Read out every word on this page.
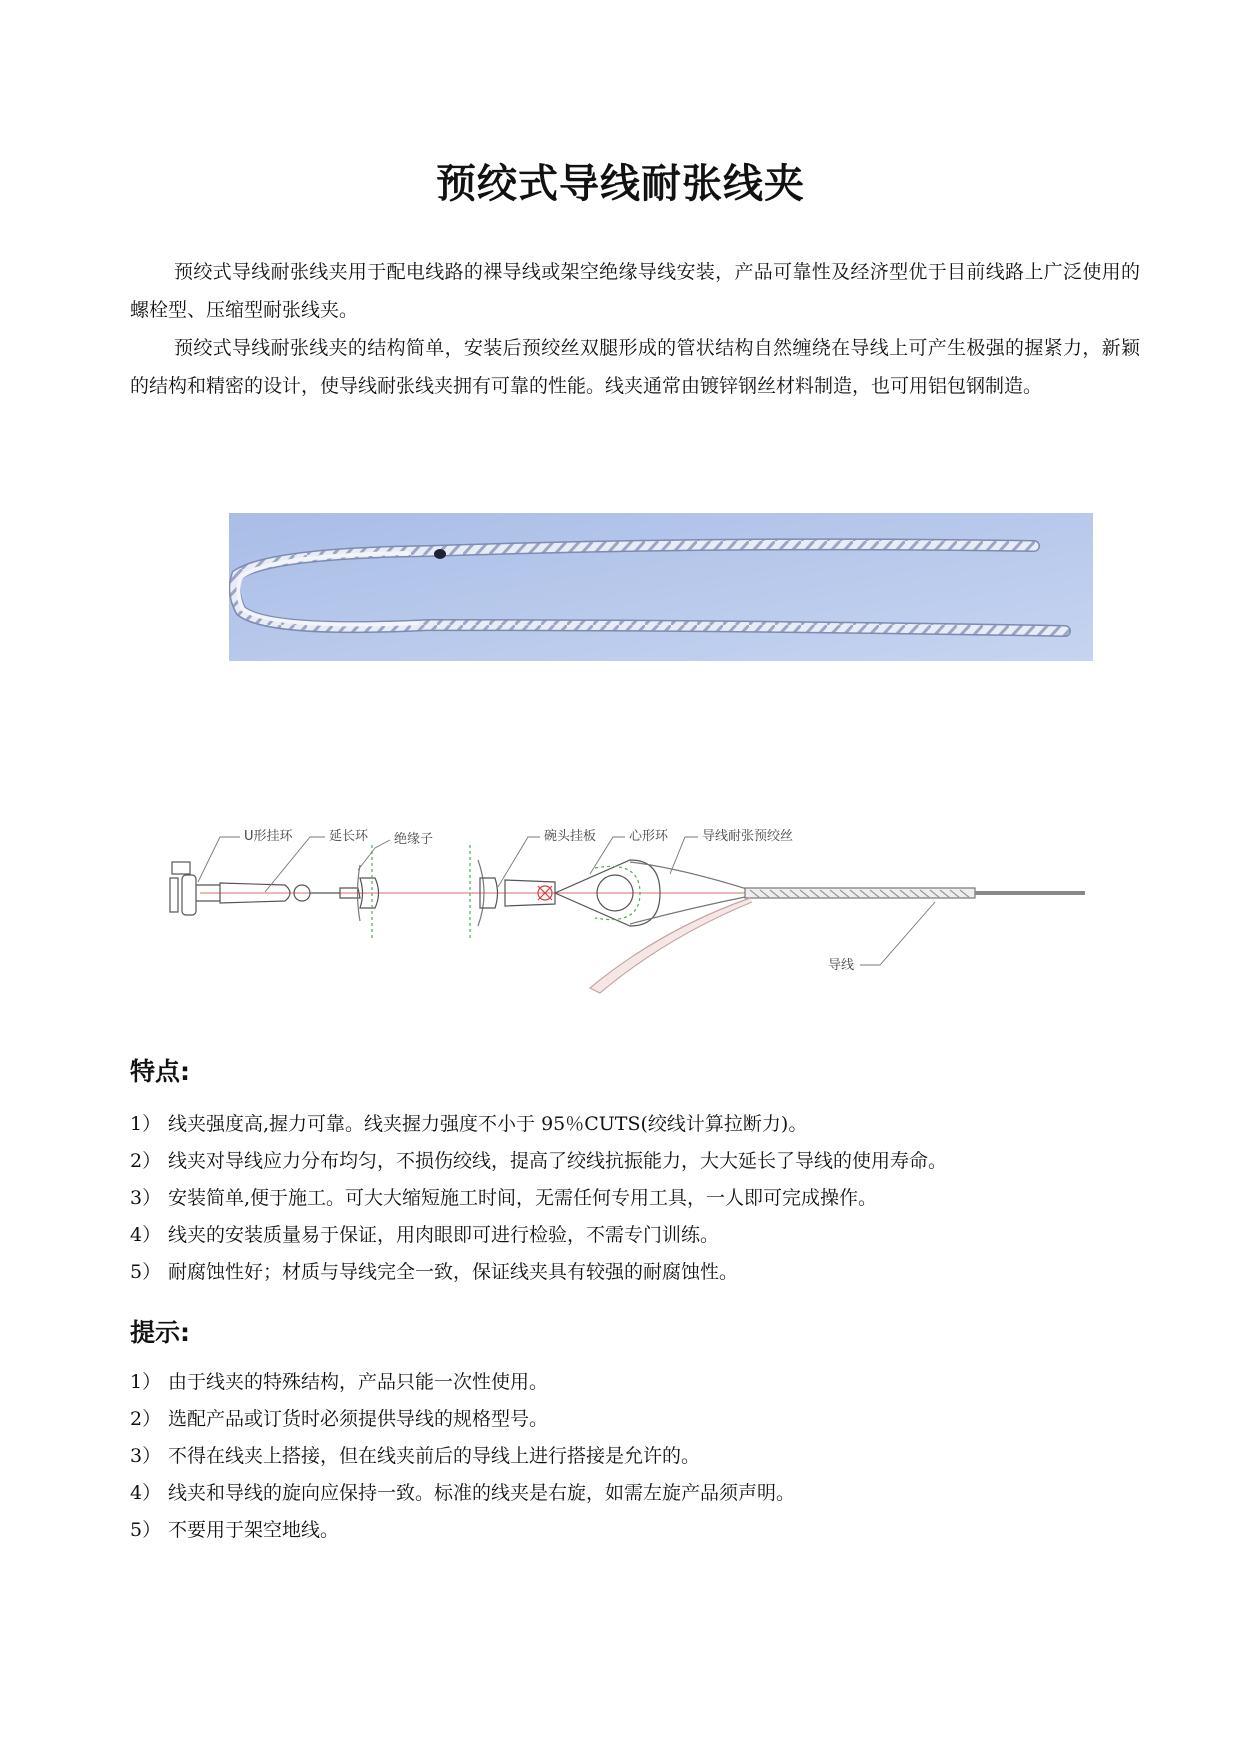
预绞式导线耐张线夹

预绞式导线耐张线夹用于配电线路的裸导线或架空绝缘导线安装，产品可靠性及经济型优于目前线路上广泛使用的螺栓型、压缩型耐张线夹。

预绞式导线耐张线夹的结构简单，安装后预绞丝双腿形成的管状结构自然缠绕在导线上可产生极强的握紧力，新颖的结构和精密的设计，使导线耐张线夹拥有可靠的性能。线夹通常由镀锌钢丝材料制造，也可用铝包钢制造。

U形挂环	延长环 绝缘子	碗头挂板	心形环	导线耐张预绞丝
导线
特点:
1） 线夹强度高,握力可靠。线夹握力强度不小于 95％CUTS(绞线计算拉断力)。
2） 线夹对导线应力分布均匀，不损伤绞线，提高了绞线抗振能力，大大延长了导线的使用寿命。
3） 安装简单,便于施工。可大大缩短施工时间，无需任何专用工具，一人即可完成操作。
4） 线夹的安装质量易于保证，用肉眼即可进行检验，不需专门训练。
5） 耐腐蚀性好；材质与导线完全一致，保证线夹具有较强的耐腐蚀性。
提示:
1） 由于线夹的特殊结构，产品只能一次性使用。
2） 选配产品或订货时必须提供导线的规格型号。
3） 不得在线夹上搭接，但在线夹前后的导线上进行搭接是允许的。
4） 线夹和导线的旋向应保持一致。标准的线夹是右旋，如需左旋产品须声明。
5） 不要用于架空地线。
